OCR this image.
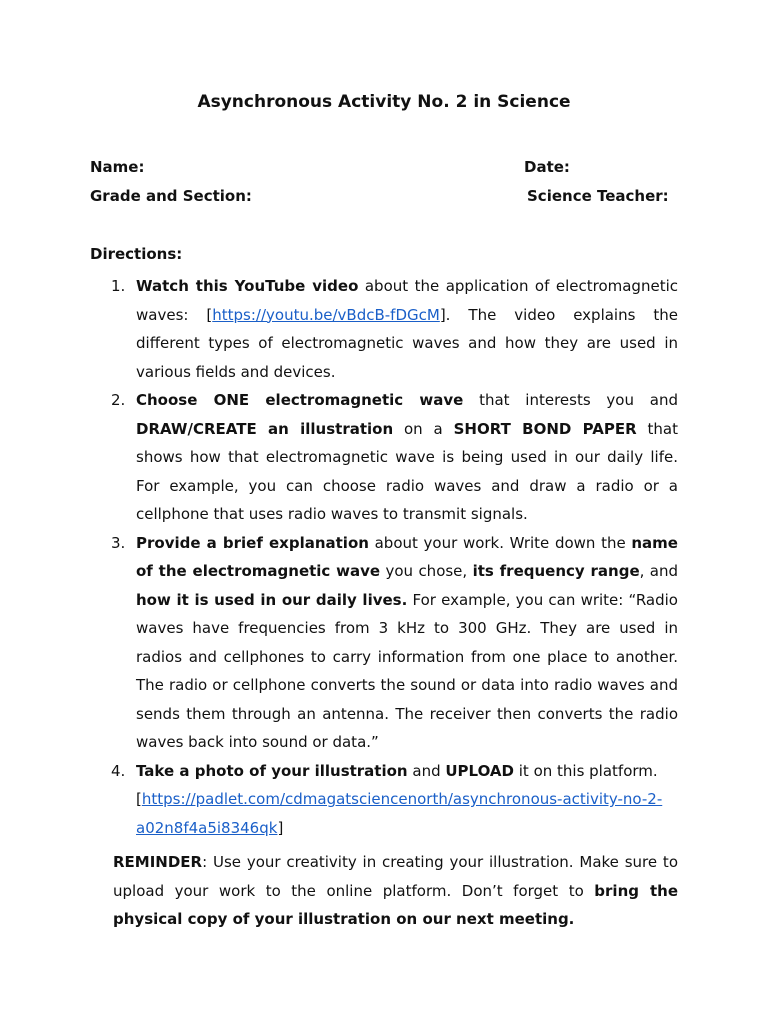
Asynchronous Activity No. 2 in Science
Name:	Date:
Grade and Section:	Science Teacher:
Directions:
1. Watch this YouTube video about the application of electromagnetic waves: [https://youtu.be/vBdcB-fDGcM]. The video explains the different types of electromagnetic waves and how they are used in various fields and devices.
2. Choose ONE electromagnetic wave that interests you and DRAW/CREATE an illustration on a SHORT BOND PAPER that shows how that electromagnetic wave is being used in our daily life. For example, you can choose radio waves and draw a radio or a cellphone that uses radio waves to transmit signals.
3. Provide a brief explanation about your work. Write down the name of the electromagnetic wave you chose, its frequency range, and how it is used in our daily lives. For example, you can write: “Radio waves have frequencies from 3 kHz to 300 GHz. They are used in radios and cellphones to carry information from one place to another. The radio or cellphone converts the sound or data into radio waves and sends them through an antenna. The receiver then converts the radio waves back into sound or data.”
4. Take a photo of your illustration and UPLOAD it on this platform. [https://padlet.com/cdmagatsciencenorth/asynchronous-activity-no-2-a02n8f4a5i8346qk]
REMINDER: Use your creativity in creating your illustration. Make sure to upload your work to the online platform. Don’t forget to bring the physical copy of your illustration on our next meeting.
